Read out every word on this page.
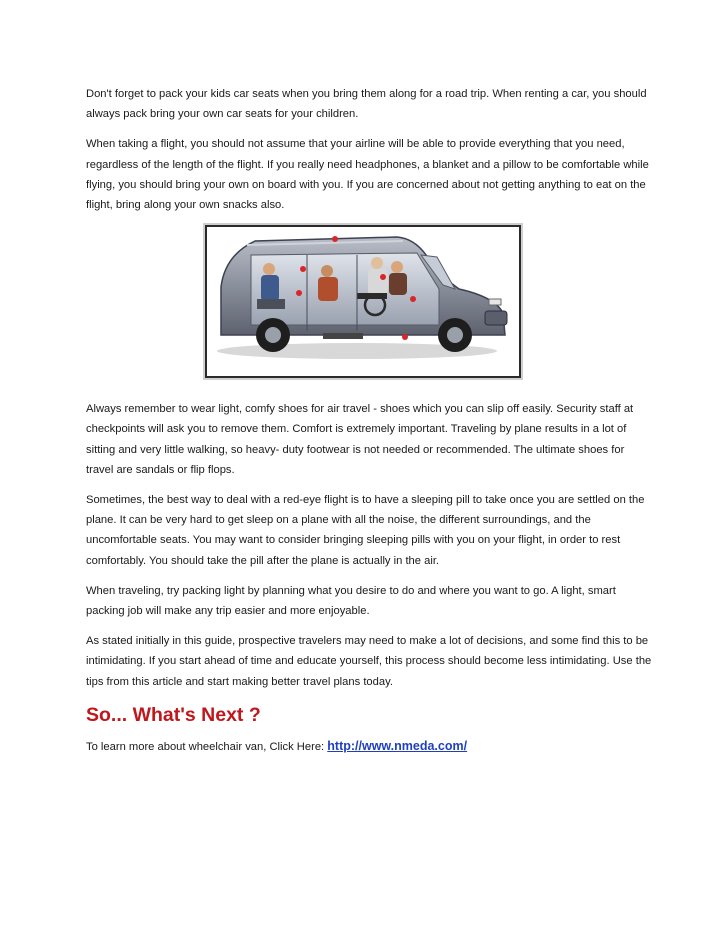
Don't forget to pack your kids car seats when you bring them along for a road trip. When renting a car, you should always pack bring your own car seats for your children.

When taking a flight, you should not assume that your airline will be able to provide everything that you need, regardless of the length of the flight. If you really need headphones, a blanket and a pillow to be comfortable while flying, you should bring your own on board with you. If you are concerned about not getting anything to eat on the flight, bring along your own snacks also.

Always remember to wear light, comfy shoes for air travel - shoes which you can slip off easily. Security staff at checkpoints will ask you to remove them. Comfort is extremely important. Traveling by plane results in a lot of sitting and very little walking, so heavy- duty footwear is not needed or recommended. The ultimate shoes for travel are sandals or flip flops.

Sometimes, the best way to deal with a red-eye flight is to have a sleeping pill to take once you are settled on the plane. It can be very hard to get sleep on a plane with all the noise, the different surroundings, and the uncomfortable seats. You may want to consider bringing sleeping pills with you on your flight, in order to rest comfortably. You should take the pill after the plane is actually in the air.

When traveling, try packing light by planning what you desire to do and where you want to go. A light, smart packing job will make any trip easier and more enjoyable.

As stated initially in this guide, prospective travelers may need to make a lot of decisions, and some find this to be intimidating. If you start ahead of time and educate yourself, this process should become less intimidating. Use the tips from this article and start making better travel plans today.

So... What's Next ?

To learn more about wheelchair van, Click Here: http://www.nmeda.com/
